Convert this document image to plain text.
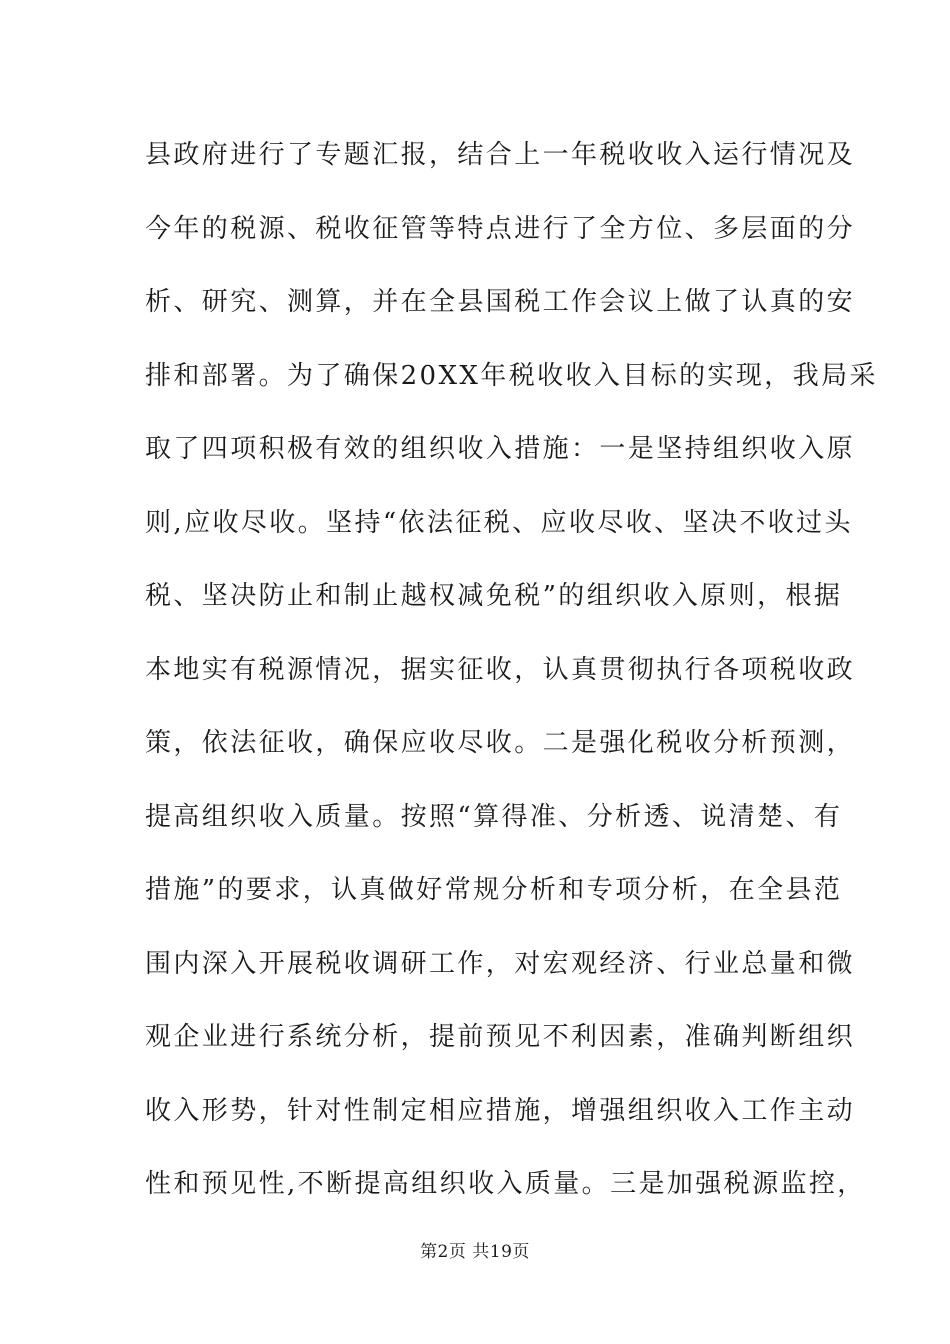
县政府进行了专题汇报，结合上一年税收收入运行情况及
今年的税源、税收征管等特点进行了全方位、多层面的分
析、研究、测算，并在全县国税工作会议上做了认真的安
排和部署。为了确保20XX年税收收入目标的实现，我局采
取了四项积极有效的组织收入措施：一是坚持组织收入原
则,应收尽收。坚持“依法征税、应收尽收、坚决不收过头
税、坚决防止和制止越权减免税”的组织收入原则，根据
本地实有税源情况，据实征收，认真贯彻执行各项税收政
策，依法征收，确保应收尽收。二是强化税收分析预测，
提高组织收入质量。按照“算得准、分析透、说清楚、有
措施”的要求，认真做好常规分析和专项分析，在全县范
围内深入开展税收调研工作，对宏观经济、行业总量和微
观企业进行系统分析，提前预见不利因素，准确判断组织
收入形势，针对性制定相应措施，增强组织收入工作主动
性和预见性,不断提高组织收入质量。三是加强税源监控，
第2页 共19页
